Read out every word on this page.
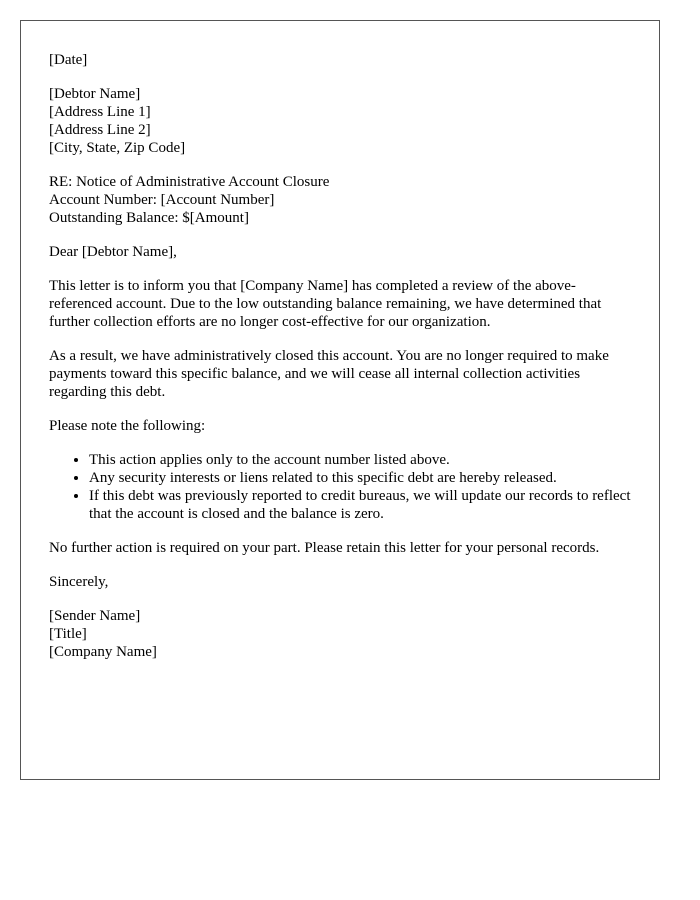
[Date]
[Debtor Name]
[Address Line 1]
[Address Line 2]
[City, State, Zip Code]
RE: Notice of Administrative Account Closure
Account Number: [Account Number]
Outstanding Balance: $[Amount]

Dear [Debtor Name],

This letter is to inform you that [Company Name] has completed a review of the above-referenced account. Due to the low outstanding balance remaining, we have determined that further collection efforts are no longer cost-effective for our organization.

As a result, we have administratively closed this account. You are no longer required to make payments toward this specific balance, and we will cease all internal collection activities regarding this debt.

Please note the following:

• This action applies only to the account number listed above.
• Any security interests or liens related to this specific debt are hereby released.
• If this debt was previously reported to credit bureaus, we will update our records to reflect that the account is closed and the balance is zero.

No further action is required on your part. Please retain this letter for your personal records.

Sincerely,

[Sender Name]
[Title]
[Company Name]
